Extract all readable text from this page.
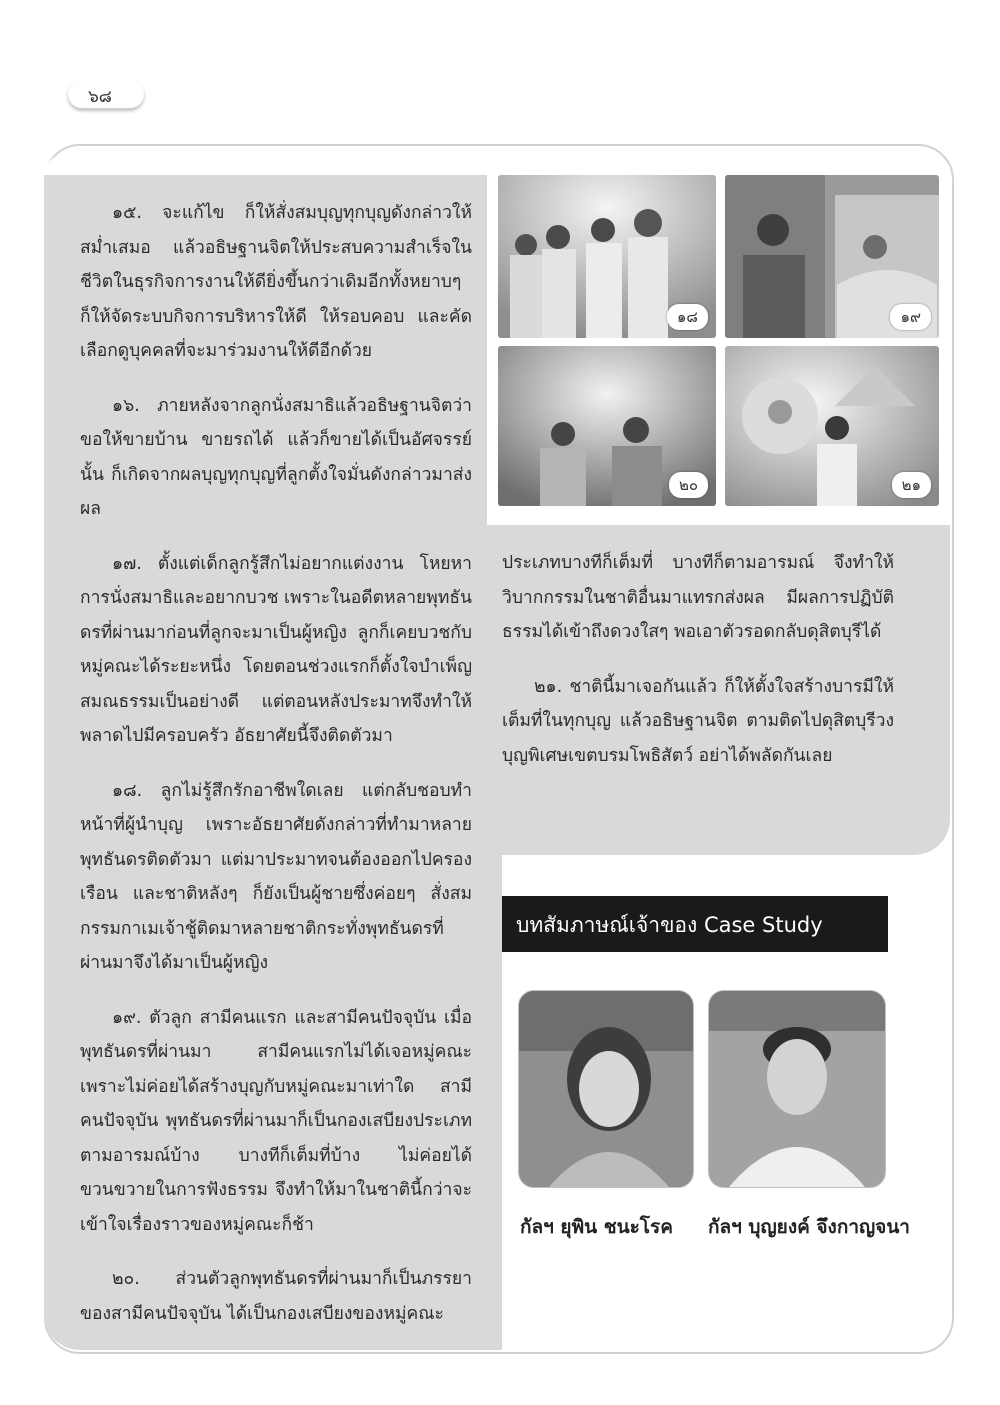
๖๘
๑๘	๑๙
๒๐	๒๑

๑๕. จะแก้ไข ก็ให้สั่งสมบุญทุกบุญดังกล่าวให้สม่ำเสมอ แล้วอธิษฐานจิตให้ประสบความสำเร็จในชีวิตในธุรกิจการงานให้ดียิ่งขึ้นกว่าเดิมอีกทั้งหยาบๆ ก็ให้จัดระบบกิจการบริหารให้ดี ให้รอบคอบ และคัดเลือกดูบุคคลที่จะมาร่วมงานให้ดีอีกด้วย

๑๖. ภายหลังจากลูกนั่งสมาธิแล้วอธิษฐานจิตว่าขอให้ขายบ้าน ขายรถได้ แล้วก็ขายได้เป็นอัศจรรย์นั้น ก็เกิดจากผลบุญทุกบุญที่ลูกตั้งใจมั่นดังกล่าวมาส่งผล

๑๗. ตั้งแต่เด็กลูกรู้สึกไม่อยากแต่งงาน โหยหาการนั่งสมาธิและอยากบวช เพราะในอดีตหลายพุทธันดรที่ผ่านมาก่อนที่ลูกจะมาเป็นผู้หญิง ลูกก็เคยบวชกับหมู่คณะได้ระยะหนึ่ง โดยตอนช่วงแรกก็ตั้งใจบำเพ็ญสมณธรรมเป็นอย่างดี แต่ตอนหลังประมาทจึงทำให้พลาดไปมีครอบครัว อัธยาศัยนี้จึงติดตัวมา

๑๘. ลูกไม่รู้สึกรักอาชีพใดเลย แต่กลับชอบทำหน้าที่ผู้นำบุญ เพราะอัธยาศัยดังกล่าวที่ทำมาหลายพุทธันดรติดตัวมา แต่มาประมาทจนต้องออกไปครองเรือน และชาติหลังๆ ก็ยังเป็นผู้ชายซึ่งค่อยๆ สั่งสมกรรมกาเมเจ้าชู้ติดมาหลายชาติกระทั่งพุทธันดรที่ผ่านมาจึงได้มาเป็นผู้หญิง

๑๙. ตัวลูก สามีคนแรก และสามีคนปัจจุบัน เมื่อพุทธันดรที่ผ่านมา สามีคนแรกไม่ได้เจอหมู่คณะเพราะไม่ค่อยได้สร้างบุญกับหมู่คณะมาเท่าใด สามีคนปัจจุบัน พุทธันดรที่ผ่านมาก็เป็นกองเสบียงประเภทตามอารมณ์บ้าง บางทีก็เต็มที่บ้าง ไม่ค่อยได้ขวนขวายในการฟังธรรม จึงทำให้มาในชาตินี้กว่าจะเข้าใจเรื่องราวของหมู่คณะก็ช้า

๒๐. ส่วนตัวลูกพุทธันดรที่ผ่านมาก็เป็นภรรยาของสามีคนปัจจุบัน ได้เป็นกองเสบียงของหมู่คณะ

ประเภทบางทีก็เต็มที่ บางทีก็ตามอารมณ์ จึงทำให้วิบากกรรมในชาติอื่นมาแทรกส่งผล มีผลการปฏิบัติธรรมได้เข้าถึงดวงใสๆ พอเอาตัวรอดกลับดุสิตบุรีได้

๒๑. ชาตินี้มาเจอกันแล้ว ก็ให้ตั้งใจสร้างบารมีให้เต็มที่ในทุกบุญ แล้วอธิษฐานจิต ตามติดไปดุสิตบุรีวงบุญพิเศษเขตบรมโพธิสัตว์ อย่าได้พลัดกันเลย

บทสัมภาษณ์เจ้าของ Case Study
กัลฯ ยุพิน ชนะโรค กัลฯ บุญยงค์ จึงกาญจนา
